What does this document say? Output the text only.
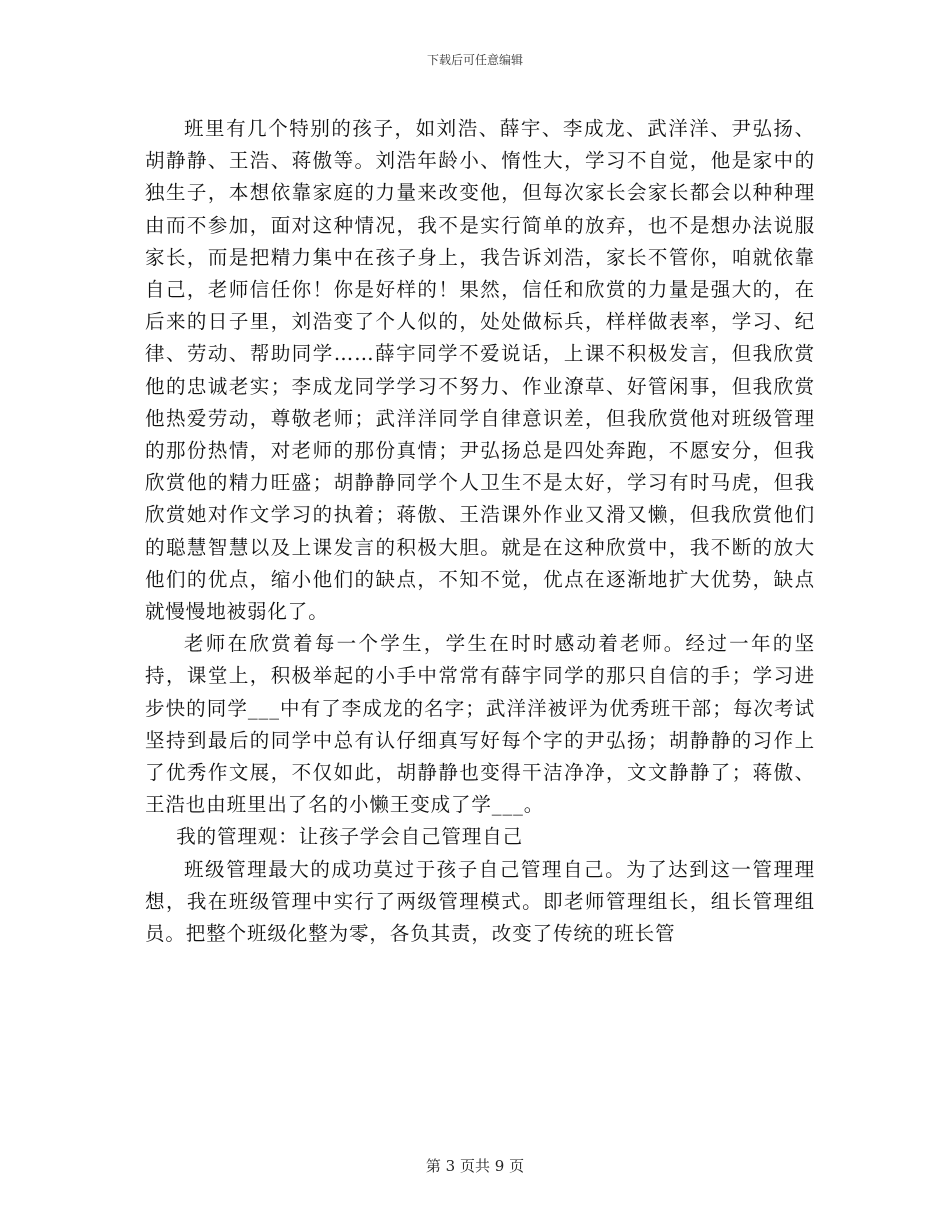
下载后可任意编辑

班里有几个特别的孩子，如刘浩、薛宇、李成龙、武洋洋、尹弘扬、胡静静、王浩、蒋傲等。刘浩年龄小、惰性大，学习不自觉，他是家中的独生子，本想依靠家庭的力量来改变他，但每次家长会家长都会以种种理由而不参加，面对这种情况，我不是实行简单的放弃，也不是想办法说服家长，而是把精力集中在孩子身上，我告诉刘浩，家长不管你，咱就依靠自己，老师信任你！你是好样的！果然，信任和欣赏的力量是强大的，在后来的日子里，刘浩变了个人似的，处处做标兵，样样做表率，学习、纪律、劳动、帮助同学……薛宇同学不爱说话，上课不积极发言，但我欣赏他的忠诚老实；李成龙同学学习不努力、作业潦草、好管闲事，但我欣赏他热爱劳动，尊敬老师；武洋洋同学自律意识差，但我欣赏他对班级管理的那份热情，对老师的那份真情；尹弘扬总是四处奔跑，不愿安分，但我欣赏他的精力旺盛；胡静静同学个人卫生不是太好，学习有时马虎，但我欣赏她对作文学习的执着；蒋傲、王浩课外作业又滑又懒，但我欣赏他们的聪慧智慧以及上课发言的积极大胆。就是在这种欣赏中，我不断的放大他们的优点，缩小他们的缺点，不知不觉，优点在逐渐地扩大优势，缺点就慢慢地被弱化了。

老师在欣赏着每一个学生，学生在时时感动着老师。经过一年的坚持，课堂上，积极举起的小手中常常有薛宇同学的那只自信的手；学习进步快的同学___中有了李成龙的名字；武洋洋被评为优秀班干部；每次考试坚持到最后的同学中总有认仔细真写好每个字的尹弘扬；胡静静的习作上了优秀作文展，不仅如此，胡静静也变得干洁净净，文文静静了；蒋傲、王浩也由班里出了名的小懒王变成了学___。

我的管理观：让孩子学会自己管理自己

班级管理最大的成功莫过于孩子自己管理自己。为了达到这一管理理想，我在班级管理中实行了两级管理模式。即老师管理组长，组长管理组员。把整个班级化整为零，各负其责，改变了传统的班长管

第 3 页共 9 页
